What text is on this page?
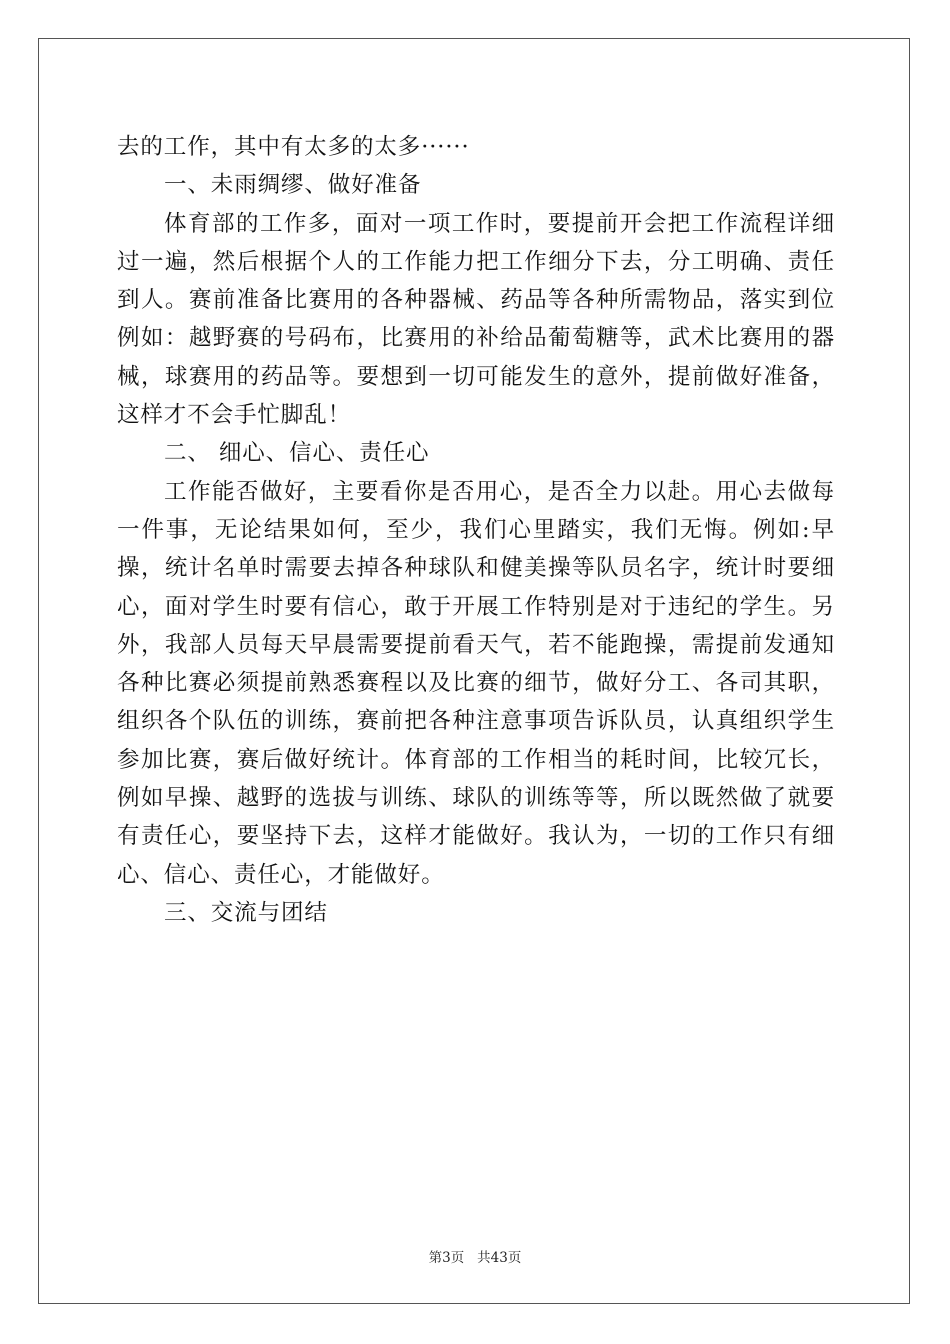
去的工作，其中有太多的太多······

一、未雨绸缪、做好准备

体育部的工作多，面对一项工作时，要提前开会把工作流程详细过一遍，然后根据个人的工作能力把工作细分下去，分工明确、责任到人。赛前准备比赛用的各种器械、药品等各种所需物品，落实到位例如：越野赛的号码布，比赛用的补给品葡萄糖等，武术比赛用的器械，球赛用的药品等。要想到一切可能发生的意外，提前做好准备，这样才不会手忙脚乱！

二、 细心、信心、责任心

工作能否做好，主要看你是否用心，是否全力以赴。用心去做每一件事，无论结果如何，至少，我们心里踏实，我们无悔。例如:早操，统计名单时需要去掉各种球队和健美操等队员名字，统计时要细心，面对学生时要有信心，敢于开展工作特别是对于违纪的学生。另外，我部人员每天早晨需要提前看天气，若不能跑操，需提前发通知各种比赛必须提前熟悉赛程以及比赛的细节，做好分工、各司其职，组织各个队伍的训练，赛前把各种注意事项告诉队员，认真组织学生参加比赛，赛后做好统计。体育部的工作相当的耗时间，比较冗长，例如早操、越野的选拔与训练、球队的训练等等，所以既然做了就要有责任心，要坚持下去，这样才能做好。我认为，一切的工作只有细心、信心、责任心，才能做好。

三、交流与团结

第3页 共43页
